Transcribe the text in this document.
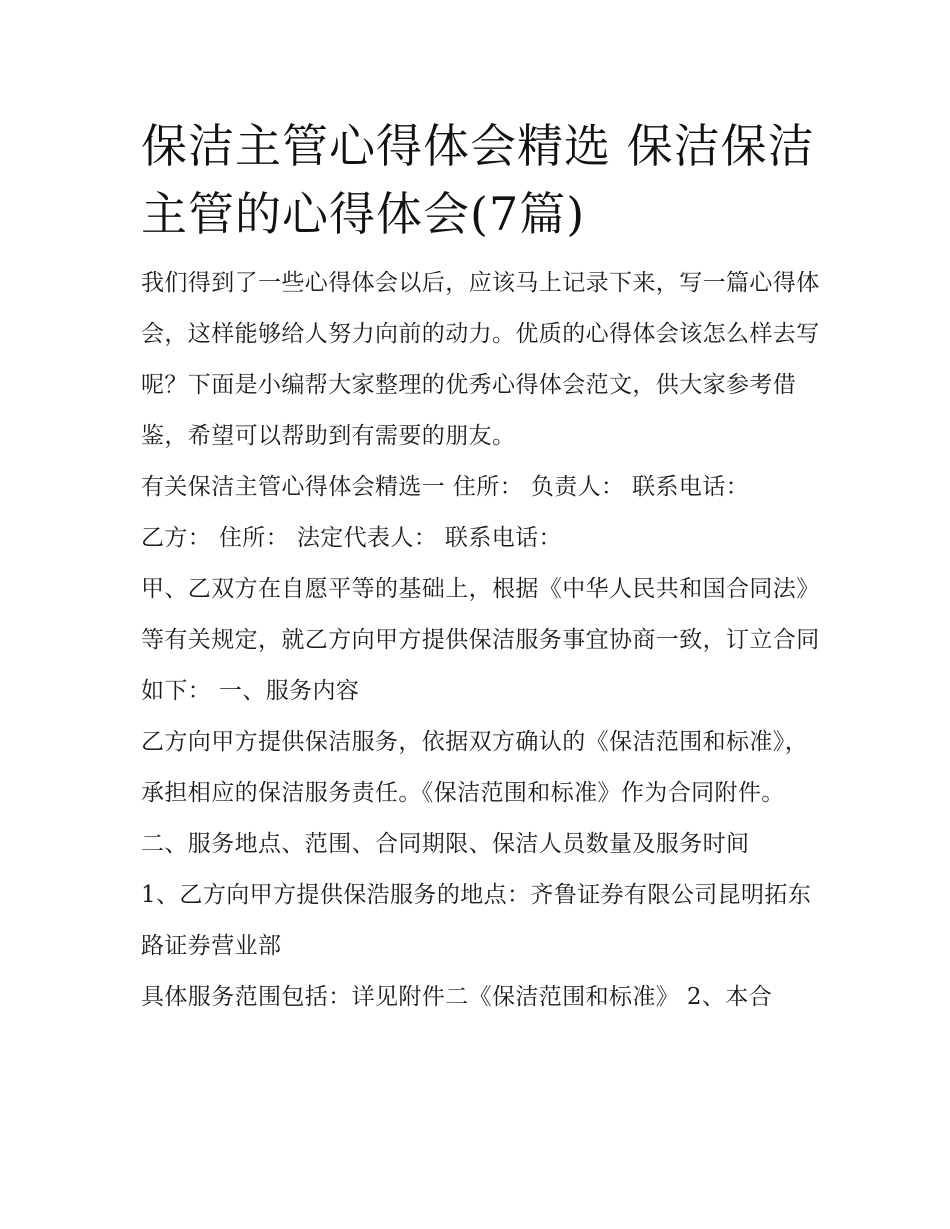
保洁主管心得体会精选 保洁保洁主管的心得体会(7篇)

我们得到了一些心得体会以后，应该马上记录下来，写一篇心得体会，这样能够给人努力向前的动力。优质的心得体会该怎么样去写呢？下面是小编帮大家整理的优秀心得体会范文，供大家参考借鉴，希望可以帮助到有需要的朋友。

有关保洁主管心得体会精选一 住所： 负责人： 联系电话：

乙方： 住所： 法定代表人： 联系电话：

甲、乙双方在自愿平等的基础上，根据《中华人民共和国合同法》等有关规定，就乙方向甲方提供保洁服务事宜协商一致，订立合同如下： 一、服务内容

乙方向甲方提供保洁服务，依据双方确认的《保洁范围和标准》，承担相应的保洁服务责任。《保洁范围和标准》作为合同附件。

二、服务地点、范围、合同期限、保洁人员数量及服务时间

1、乙方向甲方提供保浩服务的地点：齐鲁证券有限公司昆明拓东路证券营业部

具体服务范围包括：详见附件二《保洁范围和标准》 2、本合
